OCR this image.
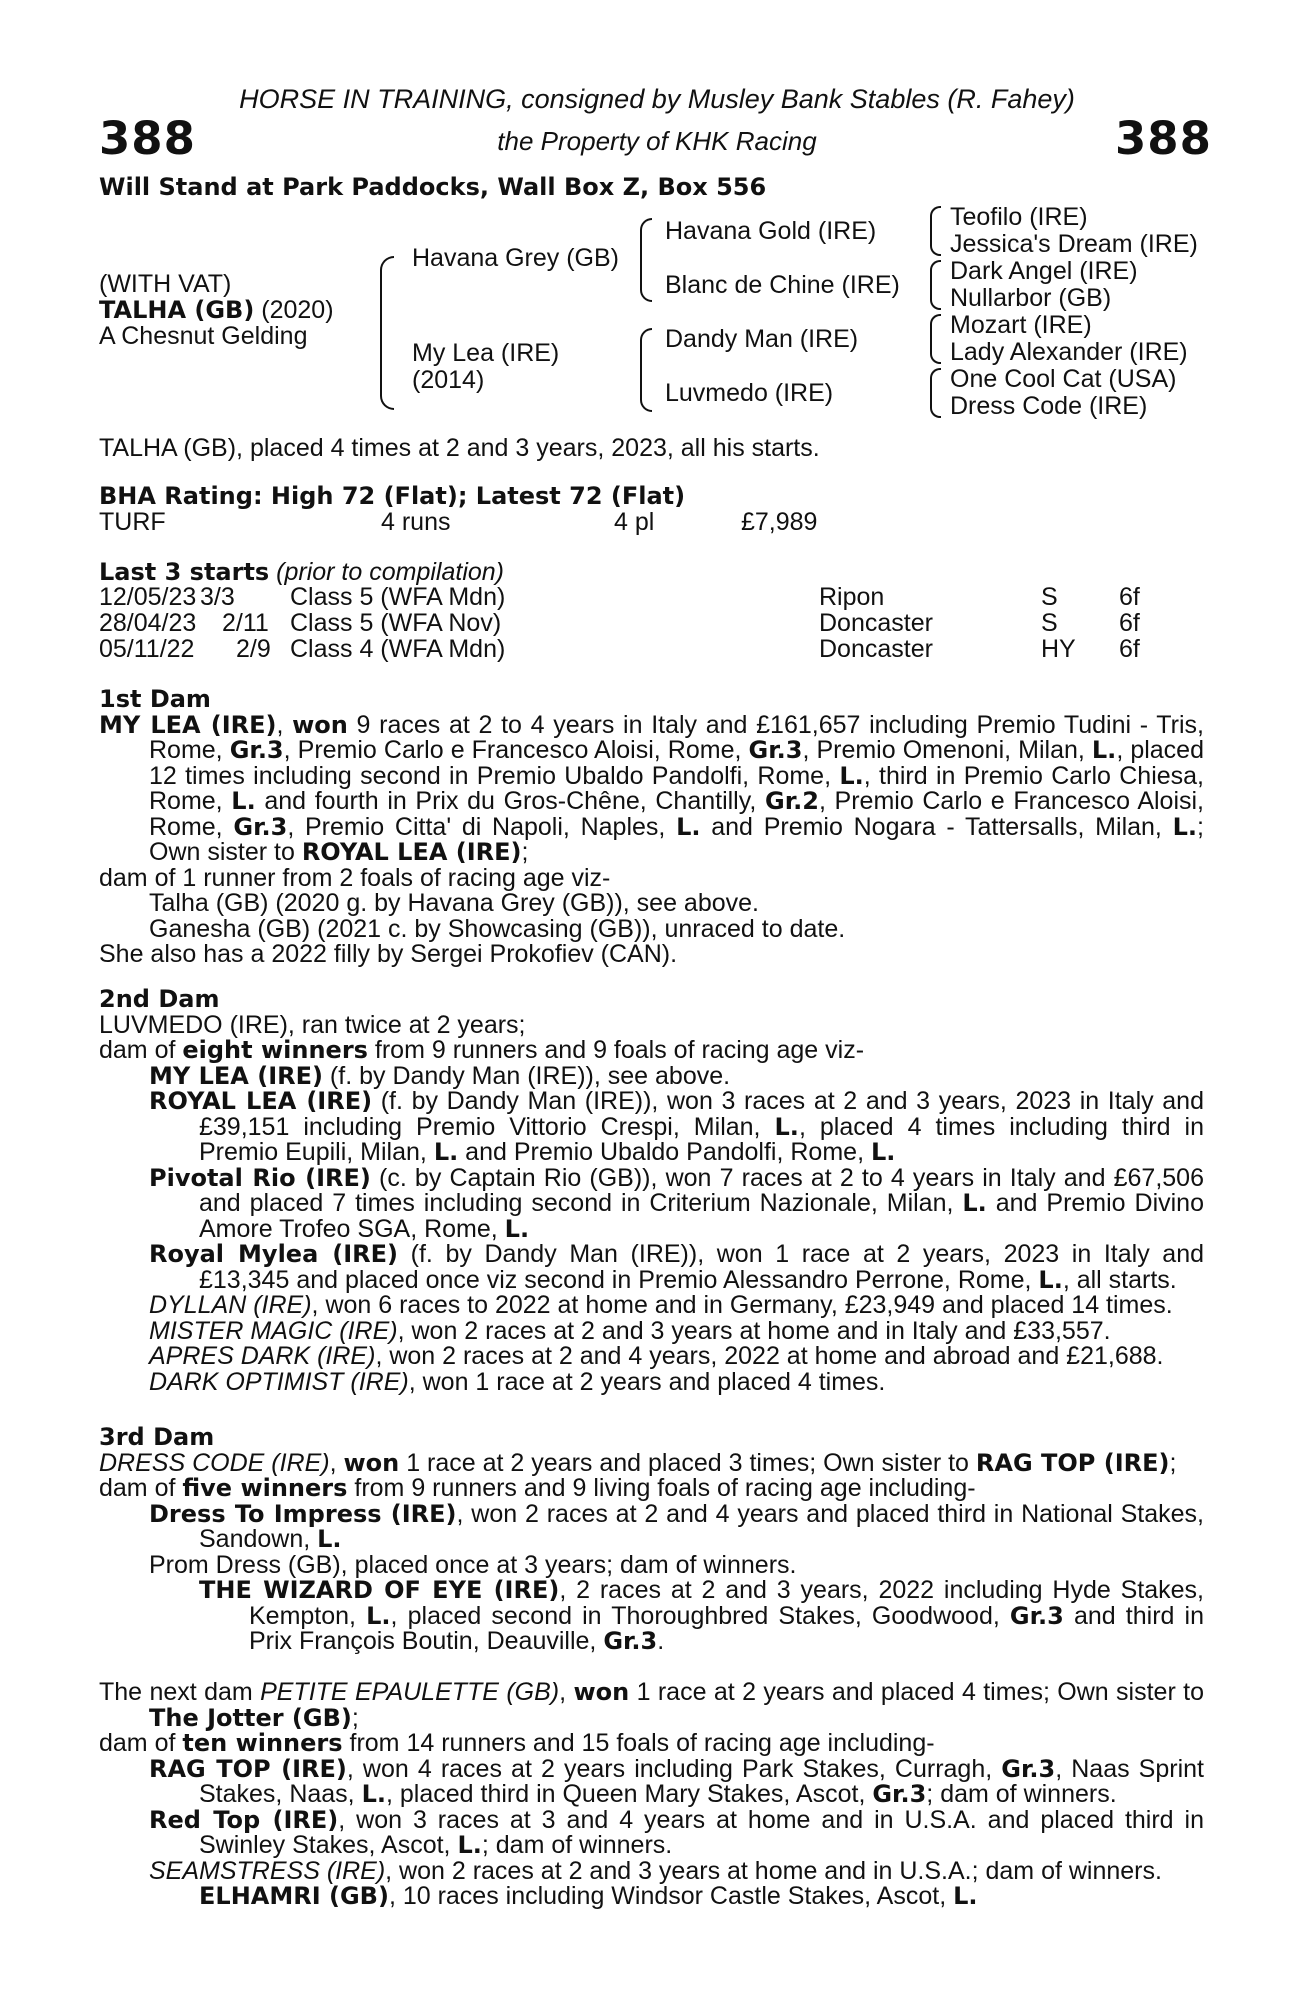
388	388
HORSE IN TRAINING, consigned by Musley Bank Stables (R. Fahey)
the Property of KHK Racing
Will Stand at Park Paddocks, Wall Box Z, Box 556
(WITH VAT)
TALHA (GB) (2020)
A Chesnut Gelding
Havana Grey (GB)
My Lea (IRE)
(2014)
Havana Gold (IRE)
Blanc de Chine (IRE)
Dandy Man (IRE)
Luvmedo (IRE)
Teofilo (IRE)
Jessica's Dream (IRE)
Dark Angel (IRE)
Nullarbor (GB)
Mozart (IRE)
Lady Alexander (IRE)
One Cool Cat (USA)
Dress Code (IRE)
TALHA (GB), placed 4 times at 2 and 3 years, 2023, all his starts.
BHA Rating: High 72 (Flat); Latest 72 (Flat)
TURF	4 runs	4 pl	£7,989
Last 3 starts (prior to compilation)
12/05/23 3/3 Class 5 (WFA Mdn)	Ripon	S 6f
28/04/23 2/11 Class 5 (WFA Nov)	Doncaster	S 6f
05/11/22 2/9 Class 4 (WFA Mdn)	Doncaster	HY 6f

1st Dam

MY LEA (IRE), won 9 races at 2 to 4 years in Italy and £161,657 including Premio Tudini - Tris, Rome, Gr.3, Premio Carlo e Francesco Aloisi, Rome, Gr.3, Premio Omenoni, Milan, L., placed 12 times including second in Premio Ubaldo Pandolfi, Rome, L., third in Premio Carlo Chiesa, Rome, L. and fourth in Prix du Gros-Chêne, Chantilly, Gr.2, Premio Carlo e Francesco Aloisi, Rome, Gr.3, Premio Citta' di Napoli, Naples, L. and Premio Nogara - Tattersalls, Milan, L.; Own sister to ROYAL LEA (IRE);

dam of 1 runner from 2 foals of racing age viz-

Talha (GB) (2020 g. by Havana Grey (GB)), see above.

Ganesha (GB) (2021 c. by Showcasing (GB)), unraced to date.

She also has a 2022 filly by Sergei Prokofiev (CAN).

2nd Dam

LUVMEDO (IRE), ran twice at 2 years;

dam of eight winners from 9 runners and 9 foals of racing age viz-

MY LEA (IRE) (f. by Dandy Man (IRE)), see above.

ROYAL LEA (IRE) (f. by Dandy Man (IRE)), won 3 races at 2 and 3 years, 2023 in Italy and £39,151 including Premio Vittorio Crespi, Milan, L., placed 4 times including third in Premio Eupili, Milan, L. and Premio Ubaldo Pandolfi, Rome, L.

Pivotal Rio (IRE) (c. by Captain Rio (GB)), won 7 races at 2 to 4 years in Italy and £67,506 and placed 7 times including second in Criterium Nazionale, Milan, L. and Premio Divino Amore Trofeo SGA, Rome, L.

Royal Mylea (IRE) (f. by Dandy Man (IRE)), won 1 race at 2 years, 2023 in Italy and £13,345 and placed once viz second in Premio Alessandro Perrone, Rome, L., all starts.

DYLLAN (IRE), won 6 races to 2022 at home and in Germany, £23,949 and placed 14 times.

MISTER MAGIC (IRE), won 2 races at 2 and 3 years at home and in Italy and £33,557.

APRES DARK (IRE), won 2 races at 2 and 4 years, 2022 at home and abroad and £21,688.

DARK OPTIMIST (IRE), won 1 race at 2 years and placed 4 times.

3rd Dam

DRESS CODE (IRE), won 1 race at 2 years and placed 3 times; Own sister to RAG TOP (IRE);

dam of five winners from 9 runners and 9 living foals of racing age including-

Dress To Impress (IRE), won 2 races at 2 and 4 years and placed third in National Stakes, Sandown, L.

Prom Dress (GB), placed once at 3 years; dam of winners.

THE WIZARD OF EYE (IRE), 2 races at 2 and 3 years, 2022 including Hyde Stakes, Kempton, L., placed second in Thoroughbred Stakes, Goodwood, Gr.3 and third in Prix François Boutin, Deauville, Gr.3.

The next dam PETITE EPAULETTE (GB), won 1 race at 2 years and placed 4 times; Own sister to The Jotter (GB);

dam of ten winners from 14 runners and 15 foals of racing age including-

RAG TOP (IRE), won 4 races at 2 years including Park Stakes, Curragh, Gr.3, Naas Sprint Stakes, Naas, L., placed third in Queen Mary Stakes, Ascot, Gr.3; dam of winners.

Red Top (IRE), won 3 races at 3 and 4 years at home and in U.S.A. and placed third in Swinley Stakes, Ascot, L.; dam of winners.

SEAMSTRESS (IRE), won 2 races at 2 and 3 years at home and in U.S.A.; dam of winners.

ELHAMRI (GB), 10 races including Windsor Castle Stakes, Ascot, L.
